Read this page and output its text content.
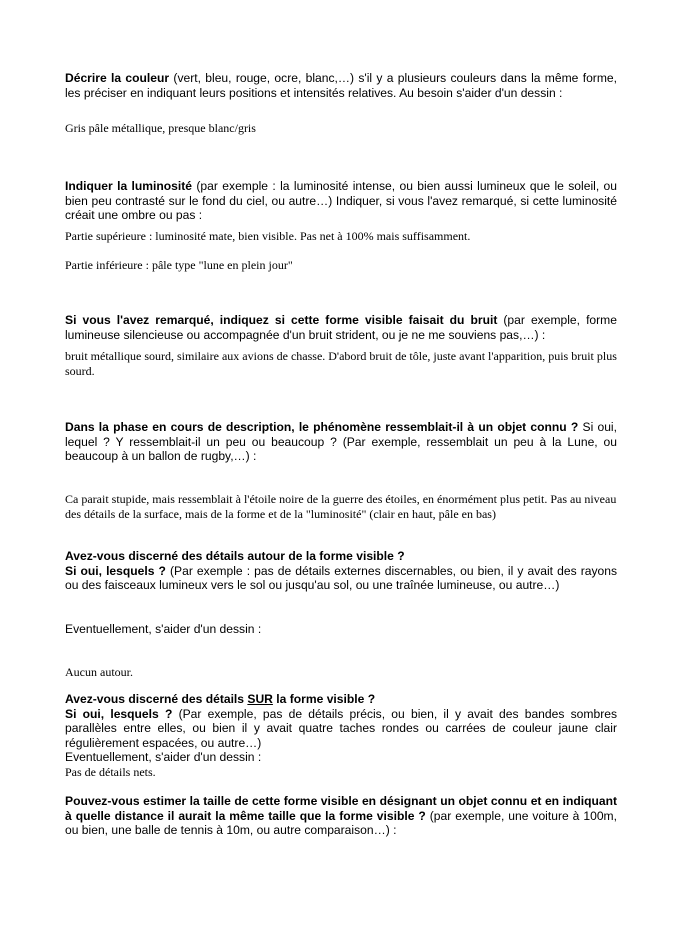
Décrire la couleur (vert, bleu, rouge, ocre, blanc,…) s'il y a plusieurs couleurs dans la même forme, les préciser en indiquant leurs positions et intensités relatives. Au besoin s'aider d'un dessin :

Gris pâle métallique, presque blanc/gris

Indiquer la luminosité (par exemple : la luminosité intense, ou bien aussi lumineux que le soleil, ou bien peu contrasté sur le fond du ciel, ou autre…) Indiquer, si vous l'avez remarqué, si cette luminosité créait une ombre ou pas :

Partie supérieure : luminosité mate, bien visible. Pas net à 100% mais suffisamment.

Partie inférieure : pâle type "lune en plein jour"

Si vous l'avez remarqué, indiquez si cette forme visible faisait du bruit (par exemple, forme lumineuse silencieuse ou accompagnée d'un bruit strident, ou je ne me souviens pas,…) :

bruit métallique sourd, similaire aux avions de chasse. D'abord bruit de tôle, juste avant l'apparition, puis bruit plus sourd.

Dans la phase en cours de description, le phénomène ressemblait-il à un objet connu ? Si oui, lequel ? Y ressemblait-il un peu ou beaucoup ? (Par exemple, ressemblait un peu à la Lune, ou beaucoup à un ballon de rugby,…) :

Ca parait stupide, mais ressemblait à l'étoile noire de la guerre des étoiles, en énormément plus petit. Pas au niveau des détails de la surface, mais de la forme et de la "luminosité" (clair en haut, pâle en bas)

Avez-vous discerné des détails autour de la forme visible ?
Si oui, lesquels ? (Par exemple : pas de détails externes discernables, ou bien, il y avait des rayons ou des faisceaux lumineux vers le sol ou jusqu'au sol, ou une traînée lumineuse, ou autre…)

Eventuellement, s'aider d'un dessin :

Aucun autour.

Avez-vous discerné des détails SUR la forme visible ?
Si oui, lesquels ? (Par exemple, pas de détails précis, ou bien, il y avait des bandes sombres parallèles entre elles, ou bien il y avait quatre taches rondes ou carrées de couleur jaune clair régulièrement espacées, ou autre…)
Eventuellement, s'aider d'un dessin :

Pas de détails nets.

Pouvez-vous estimer la taille de cette forme visible en désignant un objet connu et en indiquant à quelle distance il aurait la même taille que la forme visible ? (par exemple, une voiture à 100m, ou bien, une balle de tennis à 10m, ou autre comparaison…) :
